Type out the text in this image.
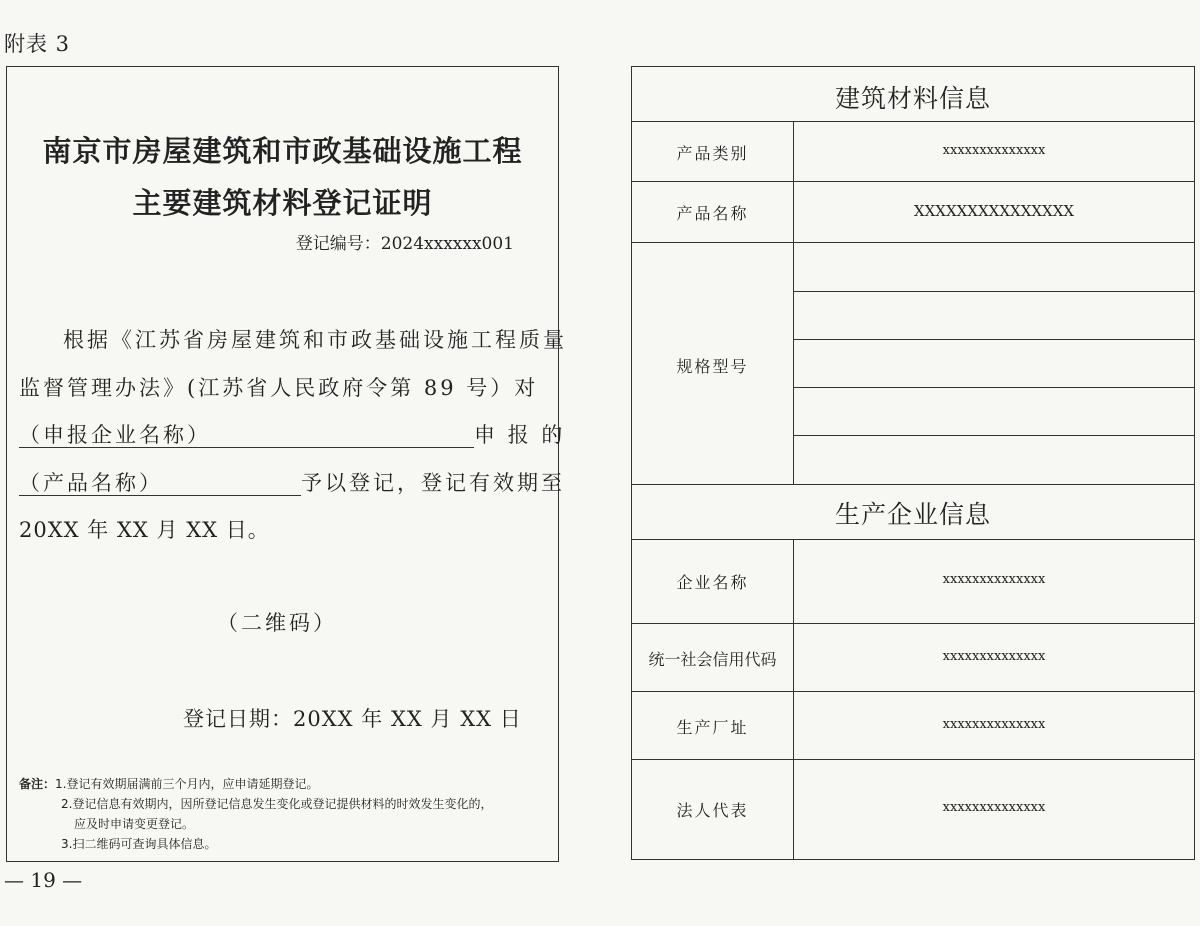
附表 3
南京市房屋建筑和市政基础设施工程
主要建筑材料登记证明
登记编号：2024xxxxxx001
根据《江苏省房屋建筑和市政基础设施工程质量
监督管理办法》(江苏省人民政府令第 89 号）对
（申报企业名称）	申 报 的
（产品名称）	予以登记，登记有效期至
20XX 年 XX 月 XX 日。
（二维码）
登记日期：20XX 年 XX 月 XX 日
备注：1.登记有效期届满前三个月内，应申请延期登记。
2.登记信息有效期内，因所登记信息发生变化或登记提供材料的时效发生变化的，
应及时申请变更登记。
3.扫二维码可查询具体信息。
建筑材料信息
产品类别	xxxxxxxxxxxxxx
产品名称	XXXXXXXXXXXXXXX
规格型号
生产企业信息
企业名称	xxxxxxxxxxxxxx
统一社会信用代码	xxxxxxxxxxxxxx
生产厂址	xxxxxxxxxxxxxx
法人代表	xxxxxxxxxxxxxx
— 19 —
